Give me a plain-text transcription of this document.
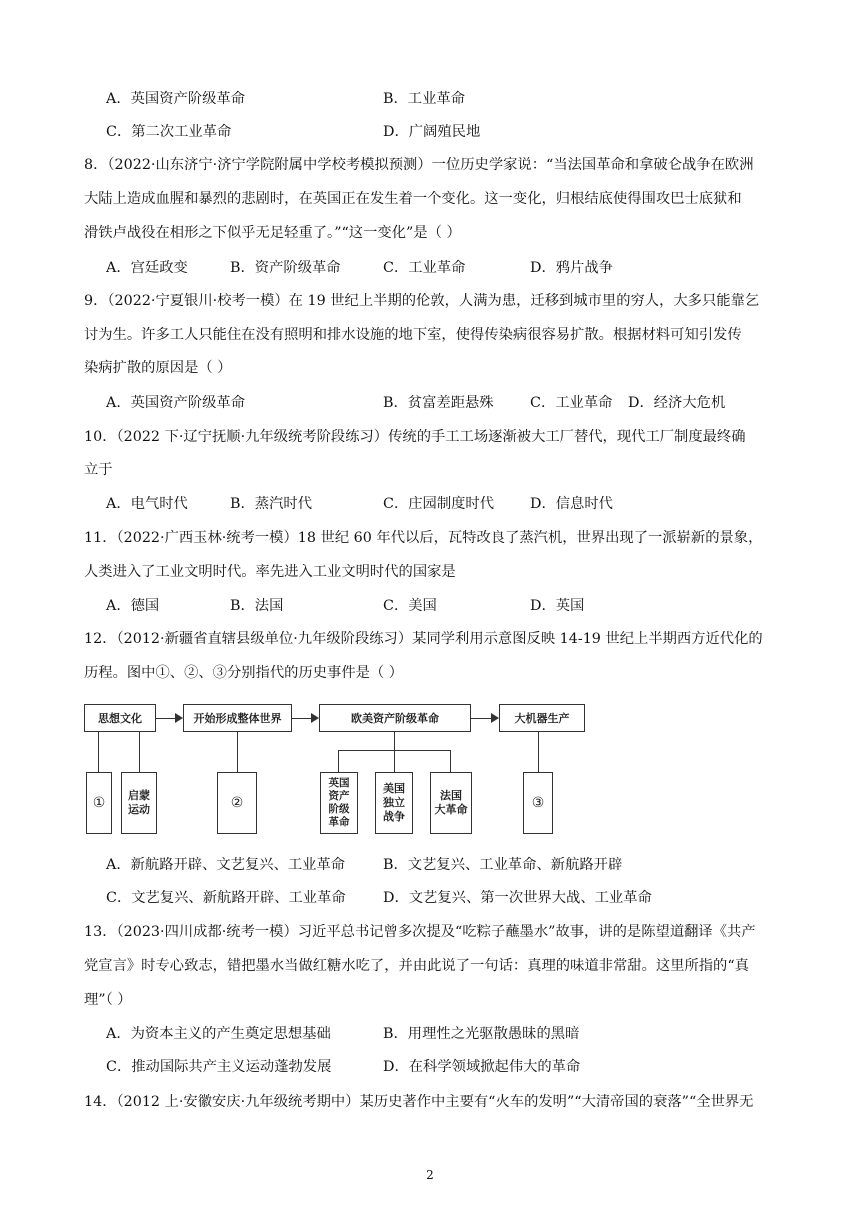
A．英国资产阶级革命	B．工业革命
C．第二次工业革命	D．广阔殖民地
8．（2022·山东济宁·济宁学院附属中学校考模拟预测）一位历史学家说：“当法国革命和拿破仑战争在欧洲
大陆上造成血腥和暴烈的悲剧时，在英国正在发生着一个变化。这一变化，归根结底使得围攻巴士底狱和
滑铁卢战役在相形之下似乎无足轻重了。”“这一变化”是（ ）
A．宫廷政变	B．资产阶级革命	C．工业革命	D．鸦片战争
9．（2022·宁夏银川·校考一模）在 19 世纪上半期的伦敦，人满为患，迁移到城市里的穷人，大多只能靠乞
讨为生。许多工人只能住在没有照明和排水设施的地下室，使得传染病很容易扩散。根据材料可知引发传
染病扩散的原因是（ ）
A．英国资产阶级革命	B．贫富差距悬殊	C．工业革命 D．经济大危机
10．（2022 下·辽宁抚顺·九年级统考阶段练习）传统的手工工场逐渐被大工厂替代，现代工厂制度最终确
立于
A．电气时代	B．蒸汽时代	C．庄园制度时代	D．信息时代
11．（2022·广西玉林·统考一模）18 世纪 60 年代以后，瓦特改良了蒸汽机，世界出现了一派崭新的景象，
人类进入了工业文明时代。率先进入工业文明时代的国家是
A．德国	B．法国	C．美国	D．英国
12．（2012·新疆省直辖县级单位·九年级阶段练习）某同学利用示意图反映 14-19 世纪上半期西方近代化的
历程。图中①、②、③分别指代的历史事件是（ ）
思想文化	开始形成整体世界	欧美资产阶级革命	大机器生产
①	启蒙
运动	②
英国
资产
阶级
革命
美国
独立
战争
法国
大革命	③
A．新航路开辟、文艺复兴、工业革命	B．文艺复兴、工业革命、新航路开辟
C．文艺复兴、新航路开辟、工业革命	D．文艺复兴、第一次世界大战、工业革命
13．（2023·四川成都·统考一模）习近平总书记曾多次提及“吃粽子蘸墨水”故事，讲的是陈望道翻译《共产
党宣言》时专心致志，错把墨水当做红糖水吃了，并由此说了一句话：真理的味道非常甜。这里所指的“真
理”（ ）
A．为资本主义的产生奠定思想基础	B．用理性之光驱散愚昧的黑暗
C．推动国际共产主义运动蓬勃发展	D．在科学领域掀起伟大的革命
14．（2012 上·安徽安庆·九年级统考期中）某历史著作中主要有“火车的发明”“大清帝国的衰落”“全世界无
2
